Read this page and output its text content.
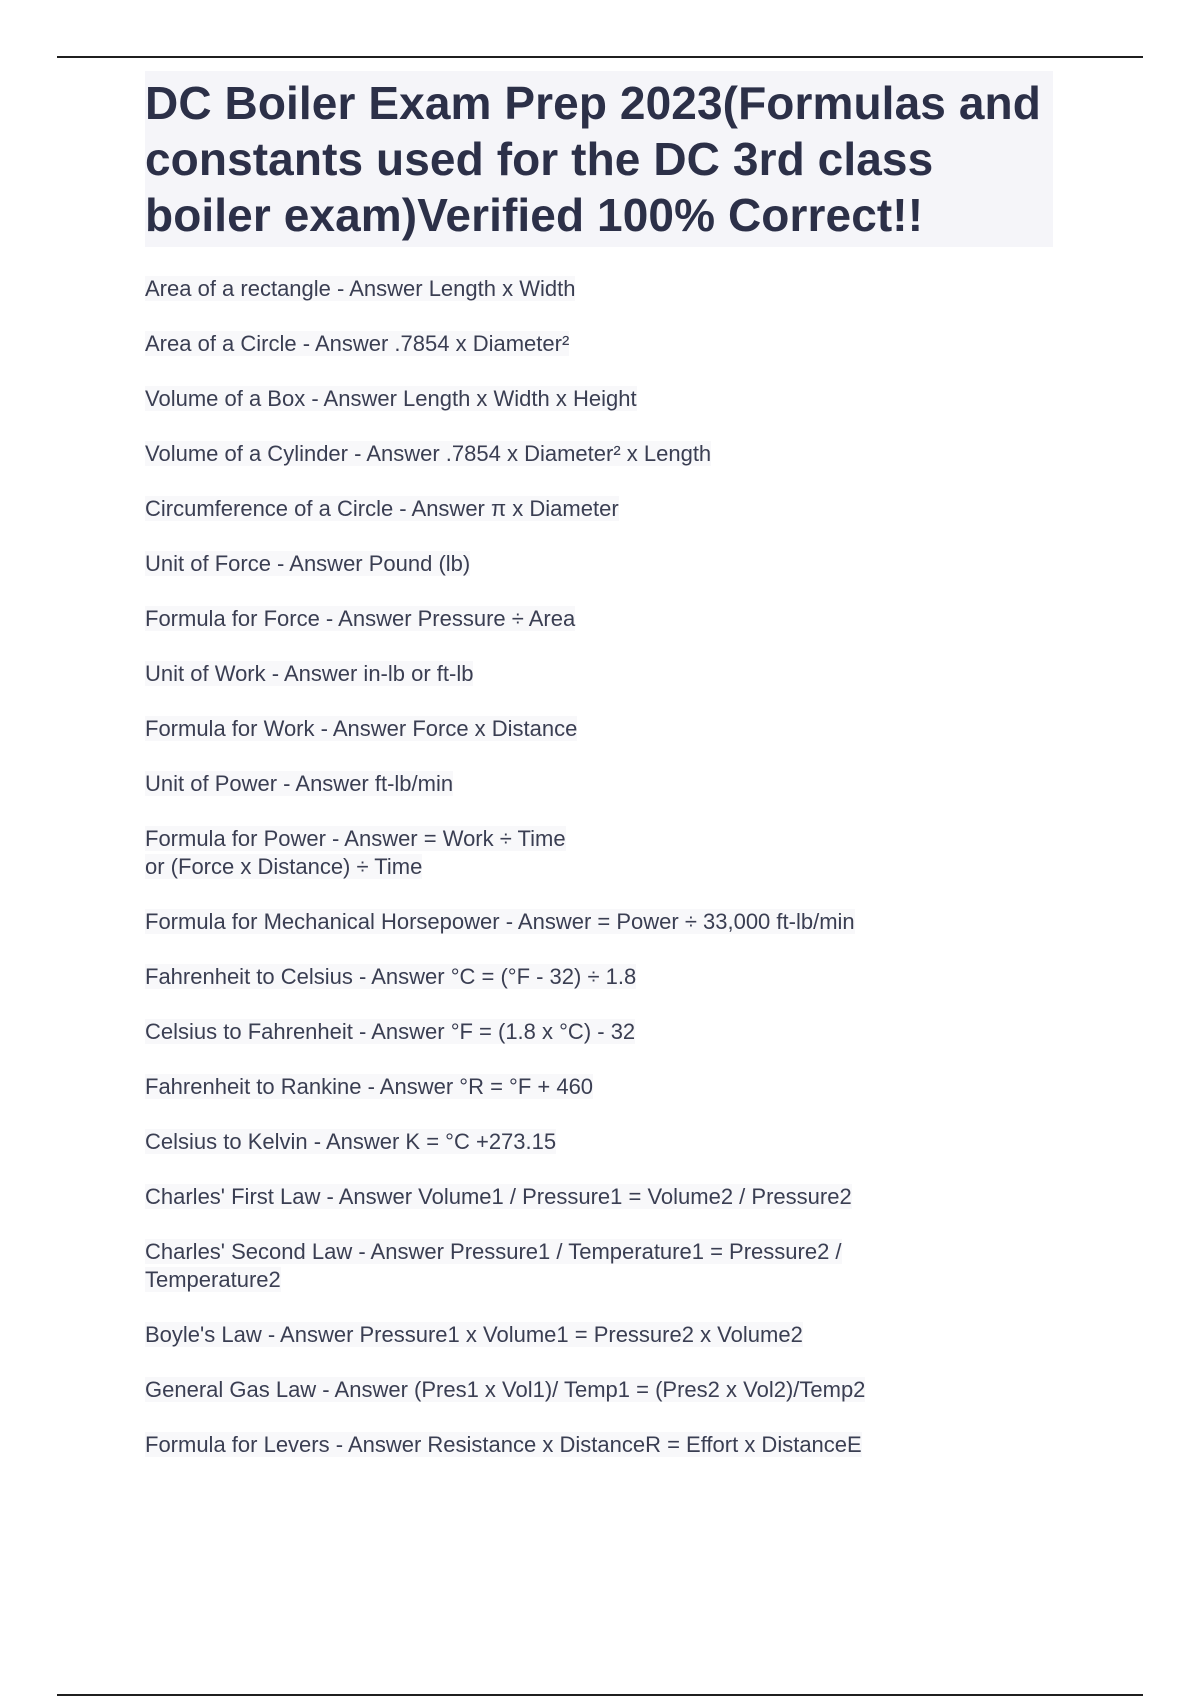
DC Boiler Exam Prep 2023(Formulas and constants used for the DC 3rd class boiler exam)Verified 100% Correct!!
Area of a rectangle - Answer Length x Width
Area of a Circle - Answer .7854 x Diameter²
Volume of a Box - Answer Length x Width x Height
Volume of a Cylinder - Answer .7854 x Diameter² x Length
Circumference of a Circle - Answer π x Diameter
Unit of Force - Answer Pound (lb)
Formula for Force - Answer Pressure ÷ Area
Unit of Work - Answer in-lb or ft-lb
Formula for Work - Answer Force x Distance
Unit of Power - Answer ft-lb/min
Formula for Power - Answer = Work ÷ Time
or (Force x Distance) ÷ Time
Formula for Mechanical Horsepower - Answer = Power ÷ 33,000 ft-lb/min
Fahrenheit to Celsius - Answer °C = (°F - 32) ÷ 1.8
Celsius to Fahrenheit - Answer °F = (1.8 x °C) - 32
Fahrenheit to Rankine - Answer °R = °F + 460
Celsius to Kelvin - Answer K = °C +273.15
Charles' First Law - Answer Volume1 / Pressure1 = Volume2 / Pressure2
Charles' Second Law - Answer Pressure1 / Temperature1 = Pressure2 /
Temperature2
Boyle's Law - Answer Pressure1 x Volume1 = Pressure2 x Volume2
General Gas Law - Answer (Pres1 x Vol1)/ Temp1 = (Pres2 x Vol2)/Temp2
Formula for Levers - Answer Resistance x DistanceR = Effort x DistanceE
